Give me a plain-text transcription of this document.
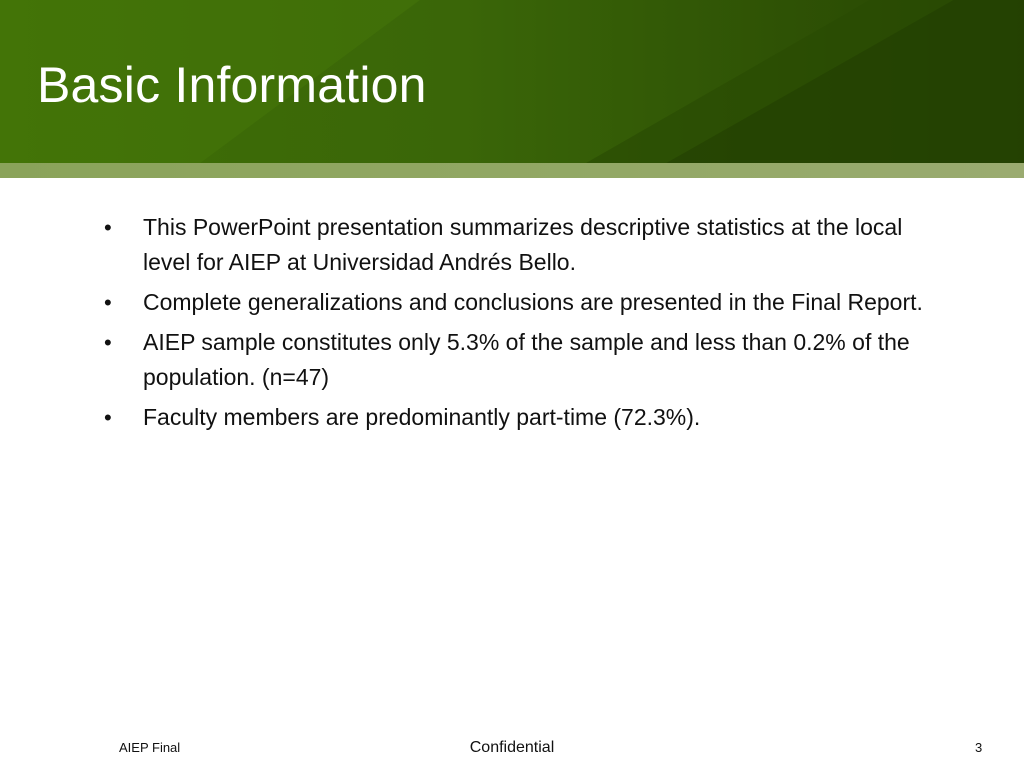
Basic Information
• This PowerPoint presentation summarizes descriptive statistics at the local level for AIEP at Universidad Andrés Bello.
• Complete generalizations and conclusions are presented in the Final Report.
• AIEP sample constitutes only 5.3% of the sample and less than 0.2% of the population. (n=47)
• Faculty members are predominantly part-time (72.3%).
AIEP Final	Confidential	3
